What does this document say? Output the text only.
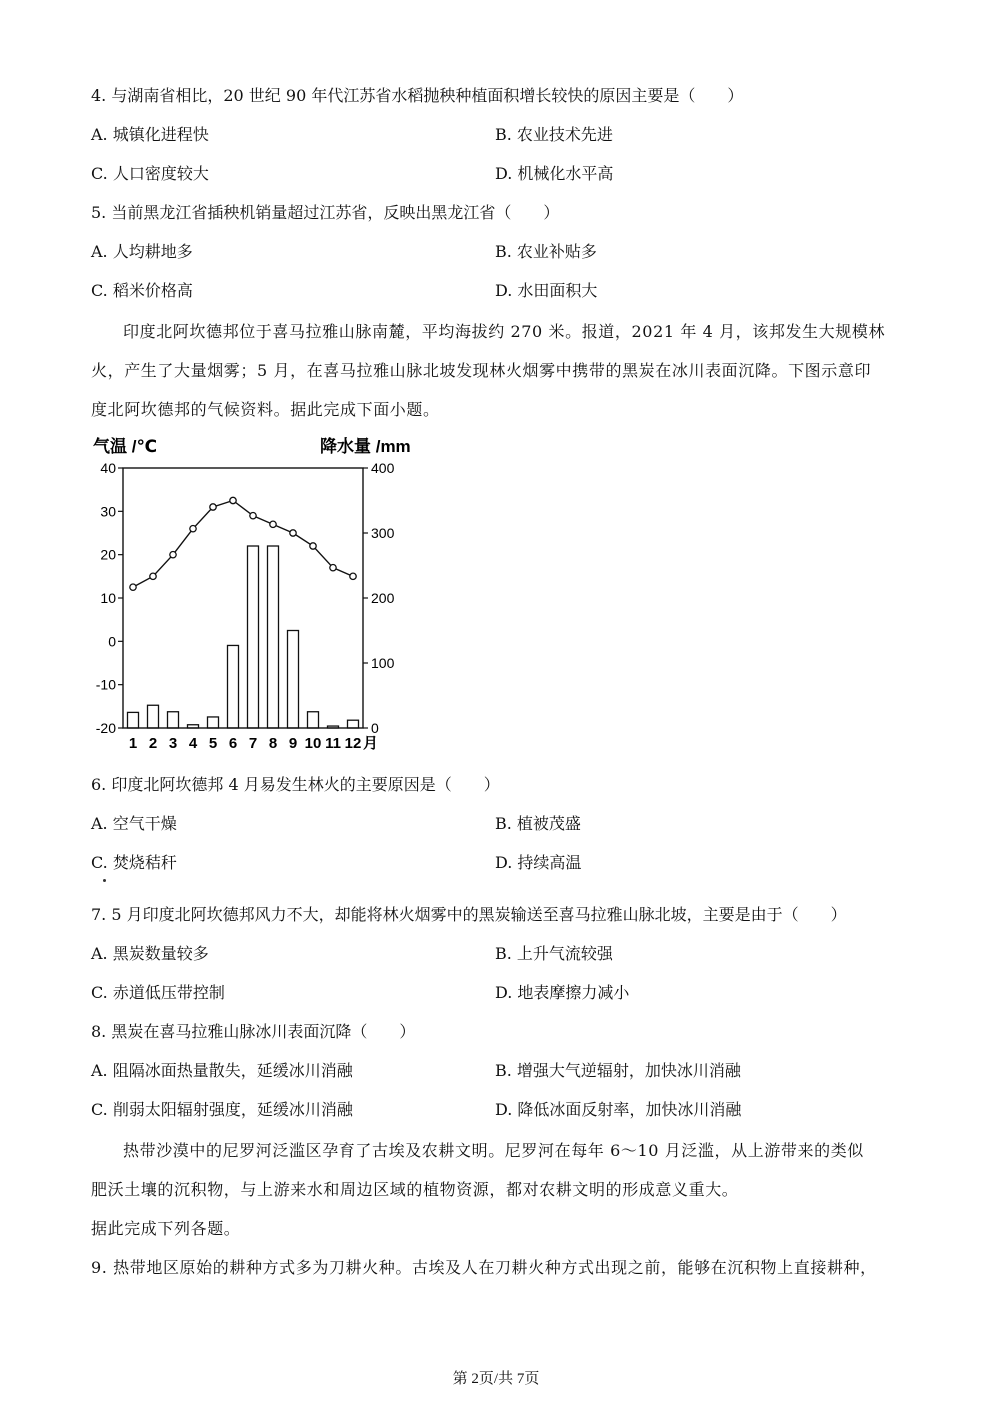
4. 与湖南省相比，20 世纪 90 年代江苏省水稻抛秧种植面积增长较快的原因主要是（　　）
A. 城镇化进程快	B. 农业技术先进
C. 人口密度较大	D. 机械化水平高
5. 当前黑龙江省插秧机销量超过江苏省，反映出黑龙江省（　　）
A. 人均耕地多	B. 农业补贴多
C. 稻米价格高	D. 水田面积大
印度北阿坎德邦位于喜马拉雅山脉南麓，平均海拔约 270 米。报道，2021 年 4 月，该邦发生大规模林
火，产生了大量烟雾；5 月，在喜马拉雅山脉北坡发现林火烟雾中携带的黑炭在冰川表面沉降。下图示意印
度北阿坎德邦的气候资料。据此完成下面小题。
气温 /℃	降水量 /mm
40
30
20
10
0
-10
-20
400
300
200
100
0
1 2 3 4 5 6 7 8 9 10 11 12 月
6. 印度北阿坎德邦 4 月易发生林火的主要原因是（　　）
A. 空气干燥	B. 植被茂盛
C. 焚烧秸秆	D. 持续高温
7. 5 月印度北阿坎德邦风力不大，却能将林火烟雾中的黑炭输送至喜马拉雅山脉北坡，主要是由于（　　）
A. 黑炭数量较多	B. 上升气流较强
C. 赤道低压带控制	D. 地表摩擦力减小
8. 黑炭在喜马拉雅山脉冰川表面沉降（　　）
A. 阻隔冰面热量散失，延缓冰川消融	B. 增强大气逆辐射，加快冰川消融
C. 削弱太阳辐射强度，延缓冰川消融	D. 降低冰面反射率，加快冰川消融
热带沙漠中的尼罗河泛滥区孕育了古埃及农耕文明。尼罗河在每年 6～10 月泛滥，从上游带来的类似
肥沃土壤的沉积物，与上游来水和周边区域的植物资源，都对农耕文明的形成意义重大。
据此完成下列各题。
9. 热带地区原始的耕种方式多为刀耕火种。古埃及人在刀耕火种方式出现之前，能够在沉积物上直接耕种，
第 2页/共 7页
